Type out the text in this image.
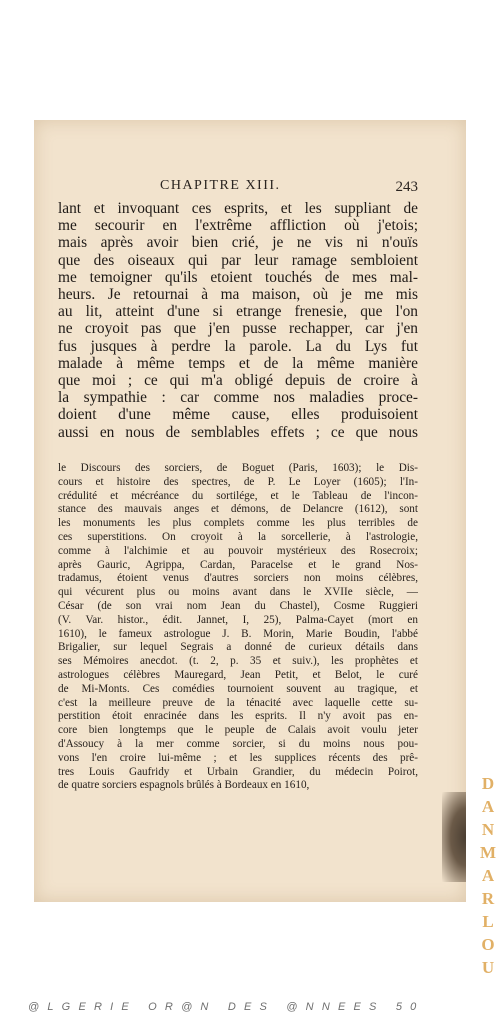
CHAPITRE XIII.	243
lant et invoquant ces esprits, et les suppliant de
me secourir en l'extrême affliction où j'etois;
mais après avoir bien crié, je ne vis ni n'ouïs
que des oiseaux qui par leur ramage sembloient
me temoigner qu'ils etoient touchés de mes mal-
heurs. Je retournai à ma maison, où je me mis
au lit, atteint d'une si etrange frenesie, que l'on
ne croyoit pas que j'en pusse rechapper, car j'en
fus jusques à perdre la parole. La du Lys fut
malade à même temps et de la même manière
que moi ; ce qui m'a obligé depuis de croire à
la sympathie : car comme nos maladies proce-
doient d'une même cause, elles produisoient
aussi en nous de semblables effets ; ce que nous
le Discours des sorciers, de Boguet (Paris, 1603); le Dis-
cours et histoire des spectres, de P. Le Loyer (1605); l'In-
crédulité et mécréance du sortilége, et le Tableau de l'incon-
stance des mauvais anges et démons, de Delancre (1612), sont
les monuments les plus complets comme les plus terribles de
ces superstitions. On croyoit à la sorcellerie, à l'astrologie,
comme à l'alchimie et au pouvoir mystérieux des Rosecroix;
après Gauric, Agrippa, Cardan, Paracelse et le grand Nos-
tradamus, étoient venus d'autres sorciers non moins célèbres,
qui vécurent plus ou moins avant dans le XVIIe siècle, —
César (de son vrai nom Jean du Chastel), Cosme Ruggieri
(V. Var. histor., édit. Jannet, I, 25), Palma-Cayet (mort en
1610), le fameux astrologue J. B. Morin, Marie Boudin, l'abbé
Brigalier, sur lequel Segrais a donné de curieux détails dans
ses Mémoires anecdot. (t. 2, p. 35 et suiv.), les prophètes et
astrologues célèbres Mauregard, Jean Petit, et Belot, le curé
de Mi-Monts. Ces comédies tournoient souvent au tragique, et
c'est la meilleure preuve de la ténacité avec laquelle cette su-
perstition étoit enracinée dans les esprits. Il n'y avoit pas en-
core bien longtemps que le peuple de Calais avoit voulu jeter
d'Assoucy à la mer comme sorcier, si du moins nous pou-
vons l'en croire lui-même ; et les supplices récents des prê-
tres Louis Gaufridy et Urbain Grandier, du médecin Poirot,
de quatre sorciers espagnols brûlés à Bordeaux en 1610,	D
A
N
M
A
R
L
O
U
@LGERIE OR@N DES @NNEES 50
